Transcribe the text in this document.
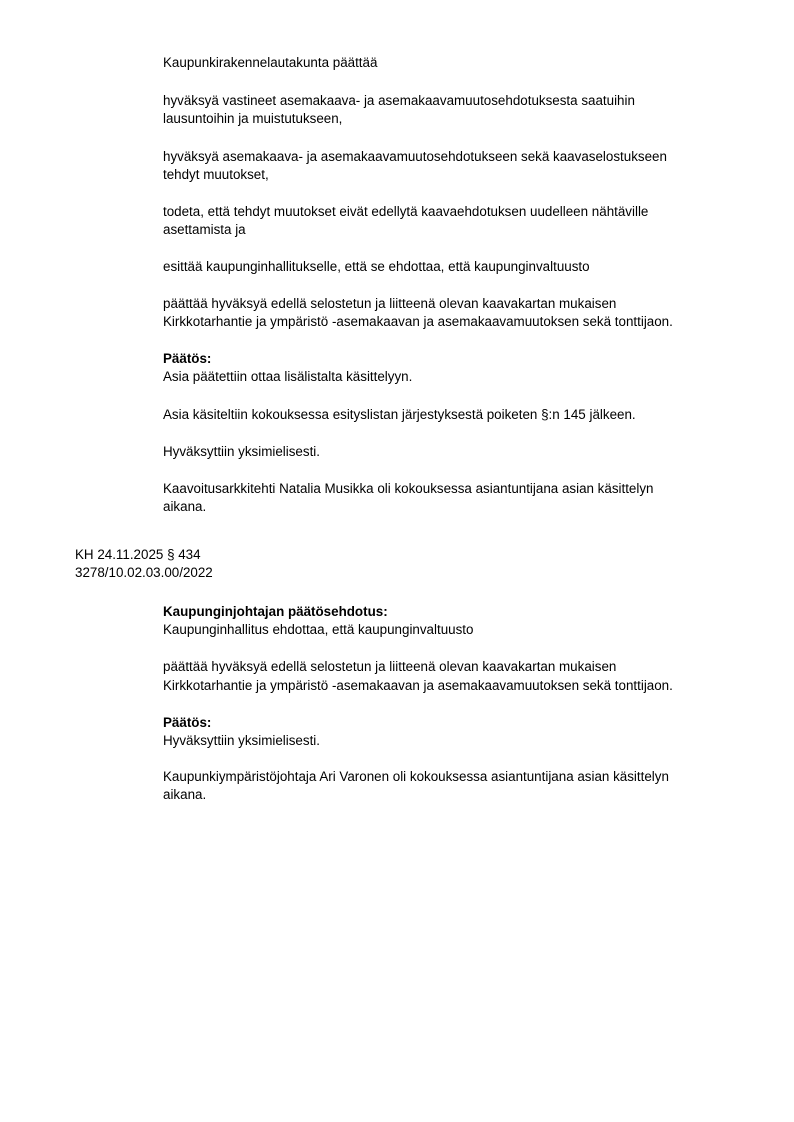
Kaupunkirakennelautakunta päättää

hyväksyä vastineet asemakaava- ja asemakaavamuutosehdotuksesta saatuihin

lausuntoihin ja muistutukseen,

hyväksyä asemakaava- ja asemakaavamuutosehdotukseen sekä kaavaselostukseen

tehdyt muutokset,

todeta, että tehdyt muutokset eivät edellytä kaavaehdotuksen uudelleen nähtäville

asettamista ja

esittää kaupunginhallitukselle, että se ehdottaa, että kaupunginvaltuusto

päättää hyväksyä edellä selostetun ja liitteenä olevan kaavakartan mukaisen

Kirkkotarhantie ja ympäristö -asemakaavan ja asemakaavamuutoksen sekä tonttijaon.

Päätös:

Asia päätettiin ottaa lisälistalta käsittelyyn.

Asia käsiteltiin kokouksessa esityslistan järjestyksestä poiketen §:n 145 jälkeen.

Hyväksyttiin yksimielisesti.

Kaavoitusarkkitehti Natalia Musikka oli kokouksessa asiantuntijana asian käsittelyn

aikana.

KH 24.11.2025 § 434

3278/10.02.03.00/2022

Kaupunginjohtajan päätösehdotus:

Kaupunginhallitus ehdottaa, että kaupunginvaltuusto

päättää hyväksyä edellä selostetun ja liitteenä olevan kaavakartan mukaisen

Kirkkotarhantie ja ympäristö -asemakaavan ja asemakaavamuutoksen sekä tonttijaon.

Päätös:

Hyväksyttiin yksimielisesti.

Kaupunkiympäristöjohtaja Ari Varonen oli kokouksessa asiantuntijana asian käsittelyn

aikana.
